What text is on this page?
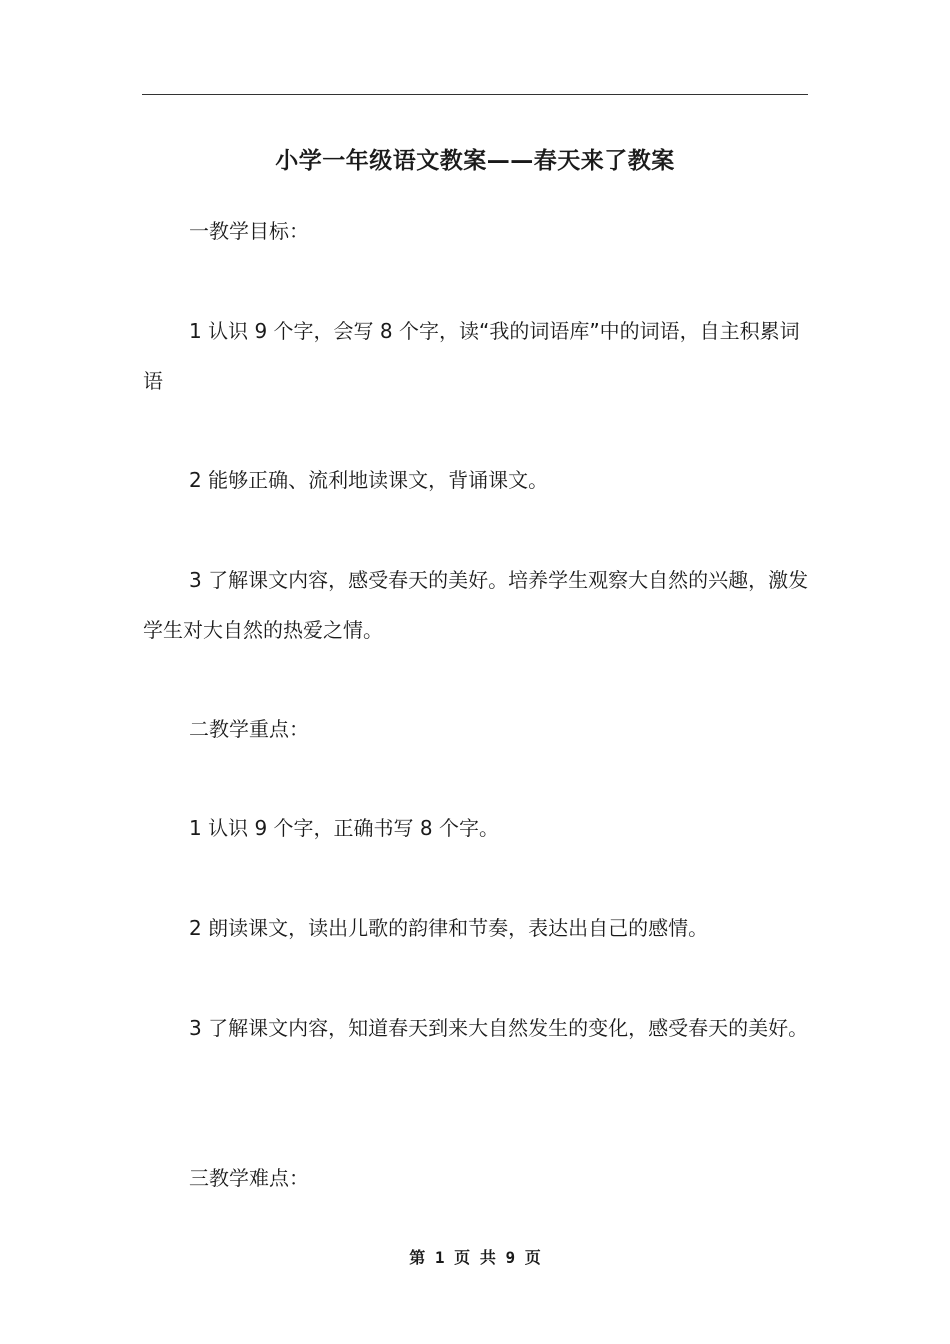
小学一年级语文教案——春天来了教案

一教学目标：

1 认识 9 个字，会写 8 个字，读“我的词语库”中的词语，自主积累词语

2 能够正确、流利地读课文，背诵课文。

3 了解课文内容，感受春天的美好。培养学生观察大自然的兴趣，激发学生对大自然的热爱之情。

二教学重点：

1 认识 9 个字，正确书写 8 个字。

2 朗读课文，读出儿歌的韵律和节奏，表达出自己的感情。

3 了解课文内容，知道春天到来大自然发生的变化，感受春天的美好。

三教学难点：

第 1 页 共 9 页
